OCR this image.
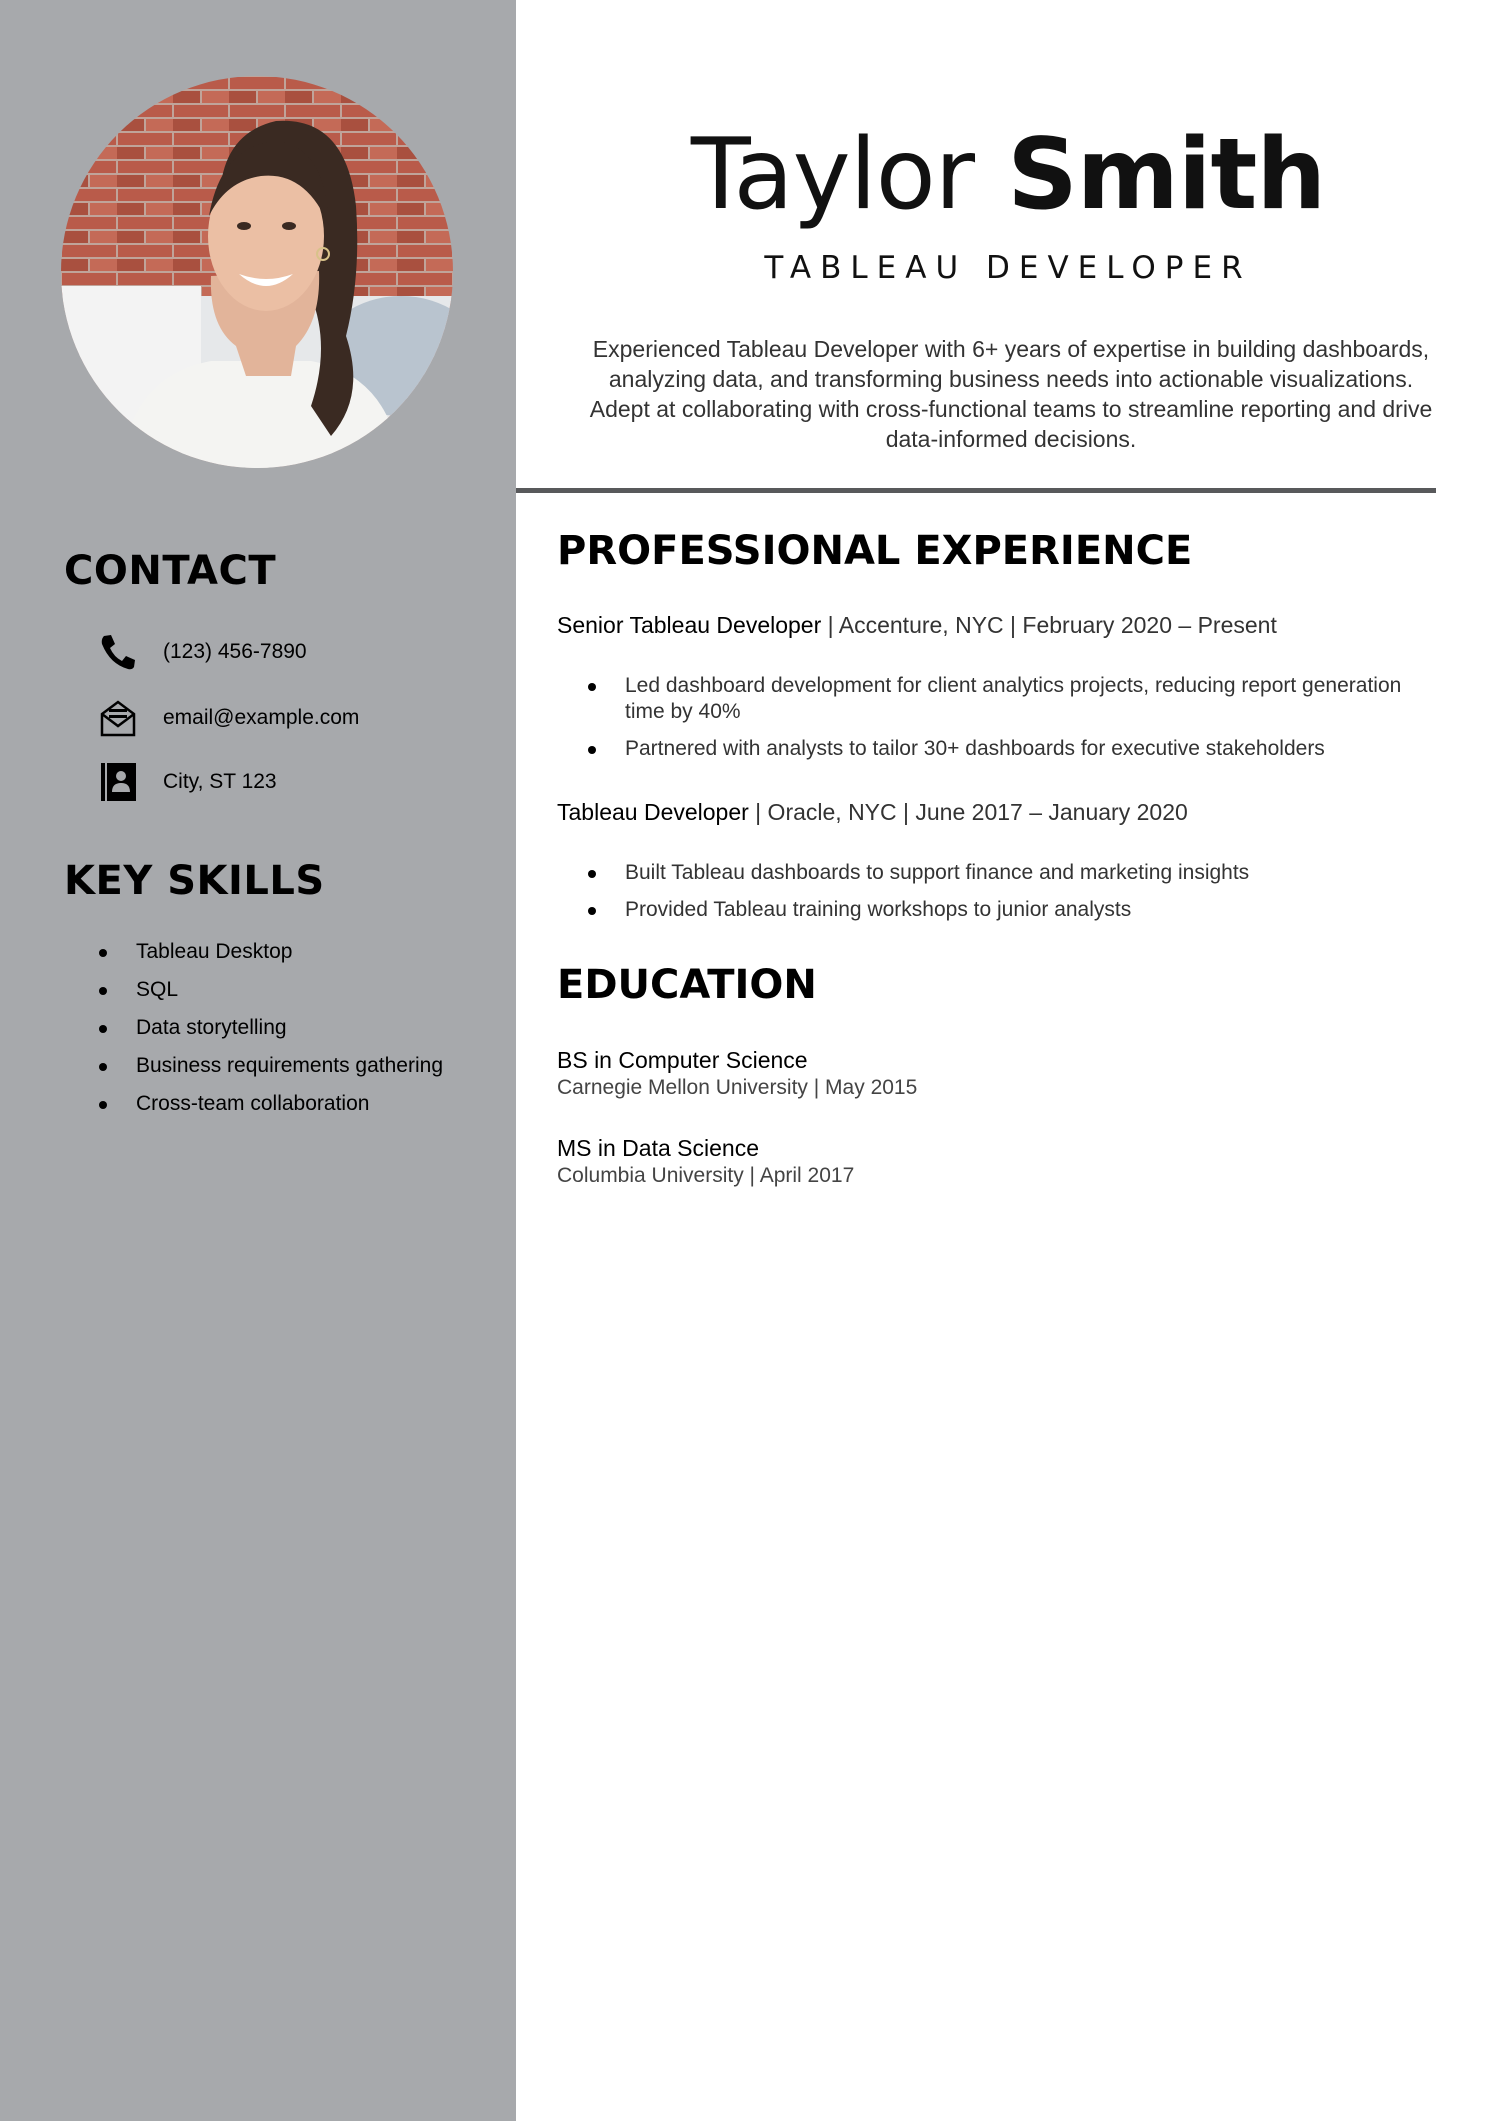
CONTACT
(123) 456-7890
email@example.com
City, ST 123
KEY SKILLS
Tableau Desktop
SQL
Data storytelling
Business requirements gathering
Cross-team collaboration
Taylor Smith
TABLEAU DEVELOPER

Experienced Tableau Developer with 6+ years of expertise in building dashboards, analyzing data, and transforming business needs into actionable visualizations. Adept at collaborating with cross-functional teams to streamline reporting and drive data-informed decisions.

PROFESSIONAL EXPERIENCE

Senior Tableau Developer | Accenture, NYC | February 2020 – Present

Led dashboard development for client analytics projects, reducing report generation time by 40%
Partnered with analysts to tailor 30+ dashboards for executive stakeholders

Tableau Developer | Oracle, NYC | June 2017 – January 2020

Built Tableau dashboards to support finance and marketing insights
Provided Tableau training workshops to junior analysts
EDUCATION

BS in Computer Science

Carnegie Mellon University | May 2015

MS in Data Science

Columbia University | April 2017
